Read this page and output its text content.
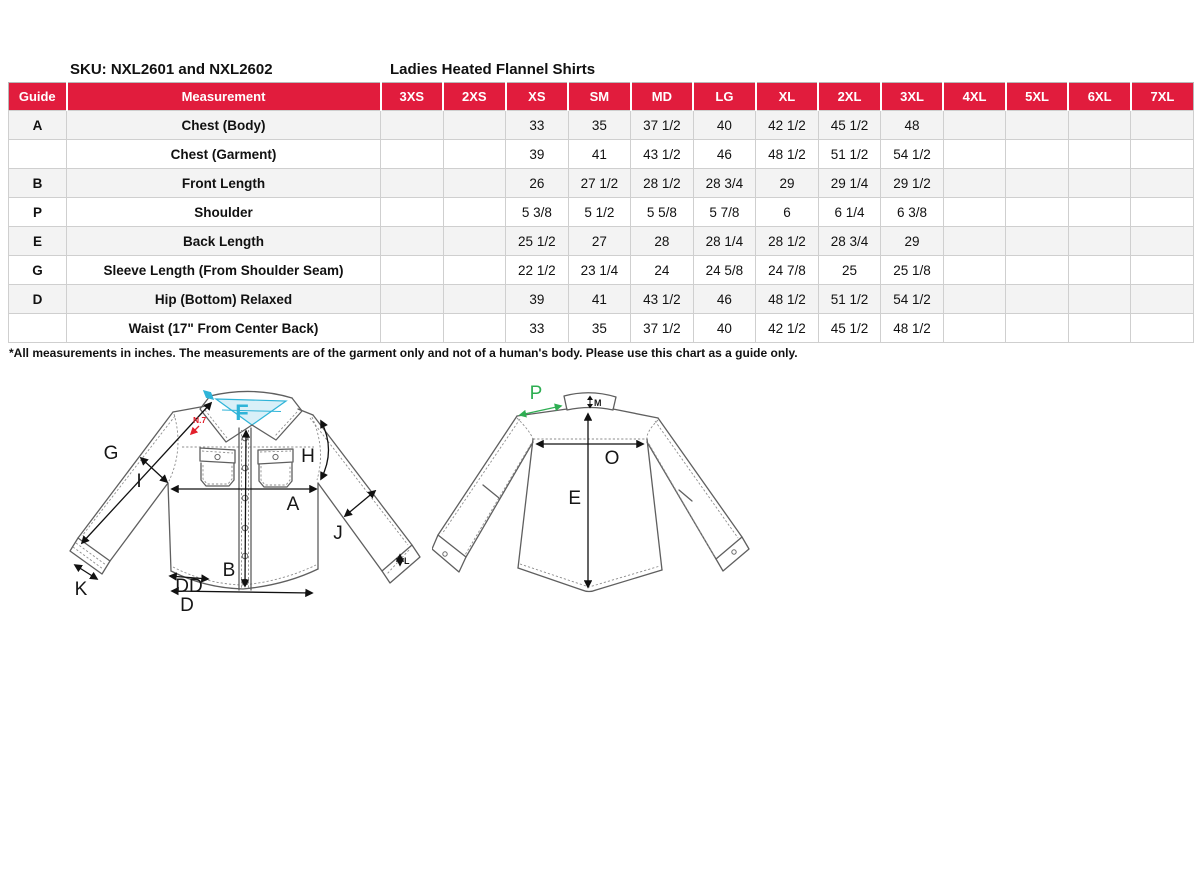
SKU: NXL2601 and NXL2602	Ladies Heated Flannel Shirts
Guide	Measurement	3XS	2XS	XS	SM	MD	LG	XL	2XL	3XL	4XL	5XL	6XL	7XL
A	Chest (Body)			33	35	37 1/2	40	42 1/2	45 1/2	48				
	Chest (Garment)			39	41	43 1/2	46	48 1/2	51 1/2	54 1/2				
B	Front Length			26	27 1/2	28 1/2	28 3/4	29	29 1/4	29 1/2				
P	Shoulder			5 3/8	5 1/2	5 5/8	5 7/8	6	6 1/4	6 3/8				
E	Back Length			25 1/2	27	28	28 1/4	28 1/2	28 3/4	29				
G	Sleeve Length (From Shoulder Seam)			22 1/2	23 1/4	24	24 5/8	24 7/8	25	25 1/8				
D	Hip (Bottom) Relaxed			39	41	43 1/2	46	48 1/2	51 1/2	54 1/2				
	Waist (17" From Center Back)			33	35	37 1/2	40	42 1/2	45 1/2	48 1/2				
*All measurements in inches. The measurements are of the garment only and not of a human's body. Please use this chart as a guide only.
F
N.7
G
I
H
A
J
B
K	DD
D
L
P	M
O
E
